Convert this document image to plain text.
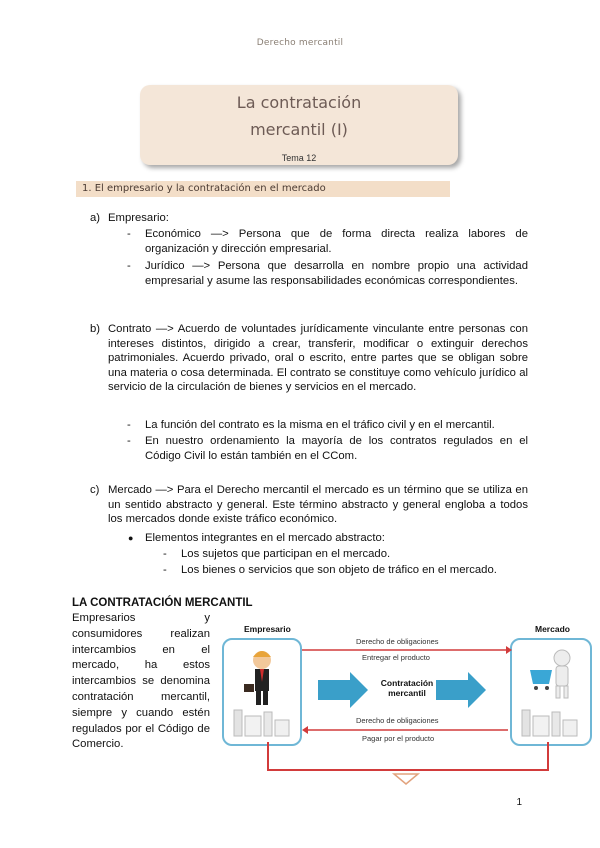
Derecho mercantil
La contratación
mercantil (I)
Tema 12
1. El empresario y la contratación en el mercado
a) Empresario:
- Económico —> Persona que de forma directa realiza labores de organización y dirección empresarial.
- Jurídico —> Persona que desarrolla en nombre propio una actividad empresarial y asume las responsabilidades económicas correspondientes.
b) Contrato —> Acuerdo de voluntades jurídicamente vinculante entre personas con intereses distintos, dirigido a crear, transferir, modificar o extinguir derechos patrimoniales. Acuerdo privado, oral o escrito, entre partes que se obligan sobre una materia o cosa determinada. El contrato se constituye como vehículo jurídico al servicio de la circulación de bienes y servicios en el mercado.
- La función del contrato es la misma en el tráfico civil y en el mercantil.
- En nuestro ordenamiento la mayoría de los contratos regulados en el Código Civil lo están también en el CCom.
c) Mercado —> Para el Derecho mercantil el mercado es un término que se utiliza en un sentido abstracto y general. Este término abstracto y general engloba a todos los mercados donde existe tráfico económico.
● Elementos integrantes en el mercado abstracto:
- Los sujetos que participan en el mercado.
- Los bienes o servicios que son objeto de tráfico en el mercado.
LA CONTRATACIÓN MERCANTIL
Empresarios y consumidores realizan intercambios en el mercado, ha estos intercambios se denomina contratación mercantil, siempre y cuando estén regulados por el Código de Comercio.
Empresario	Mercado
Derecho de obligaciones
Entregar el producto
Derecho de obligaciones
Pagar por el producto
Contratación mercantil
1
